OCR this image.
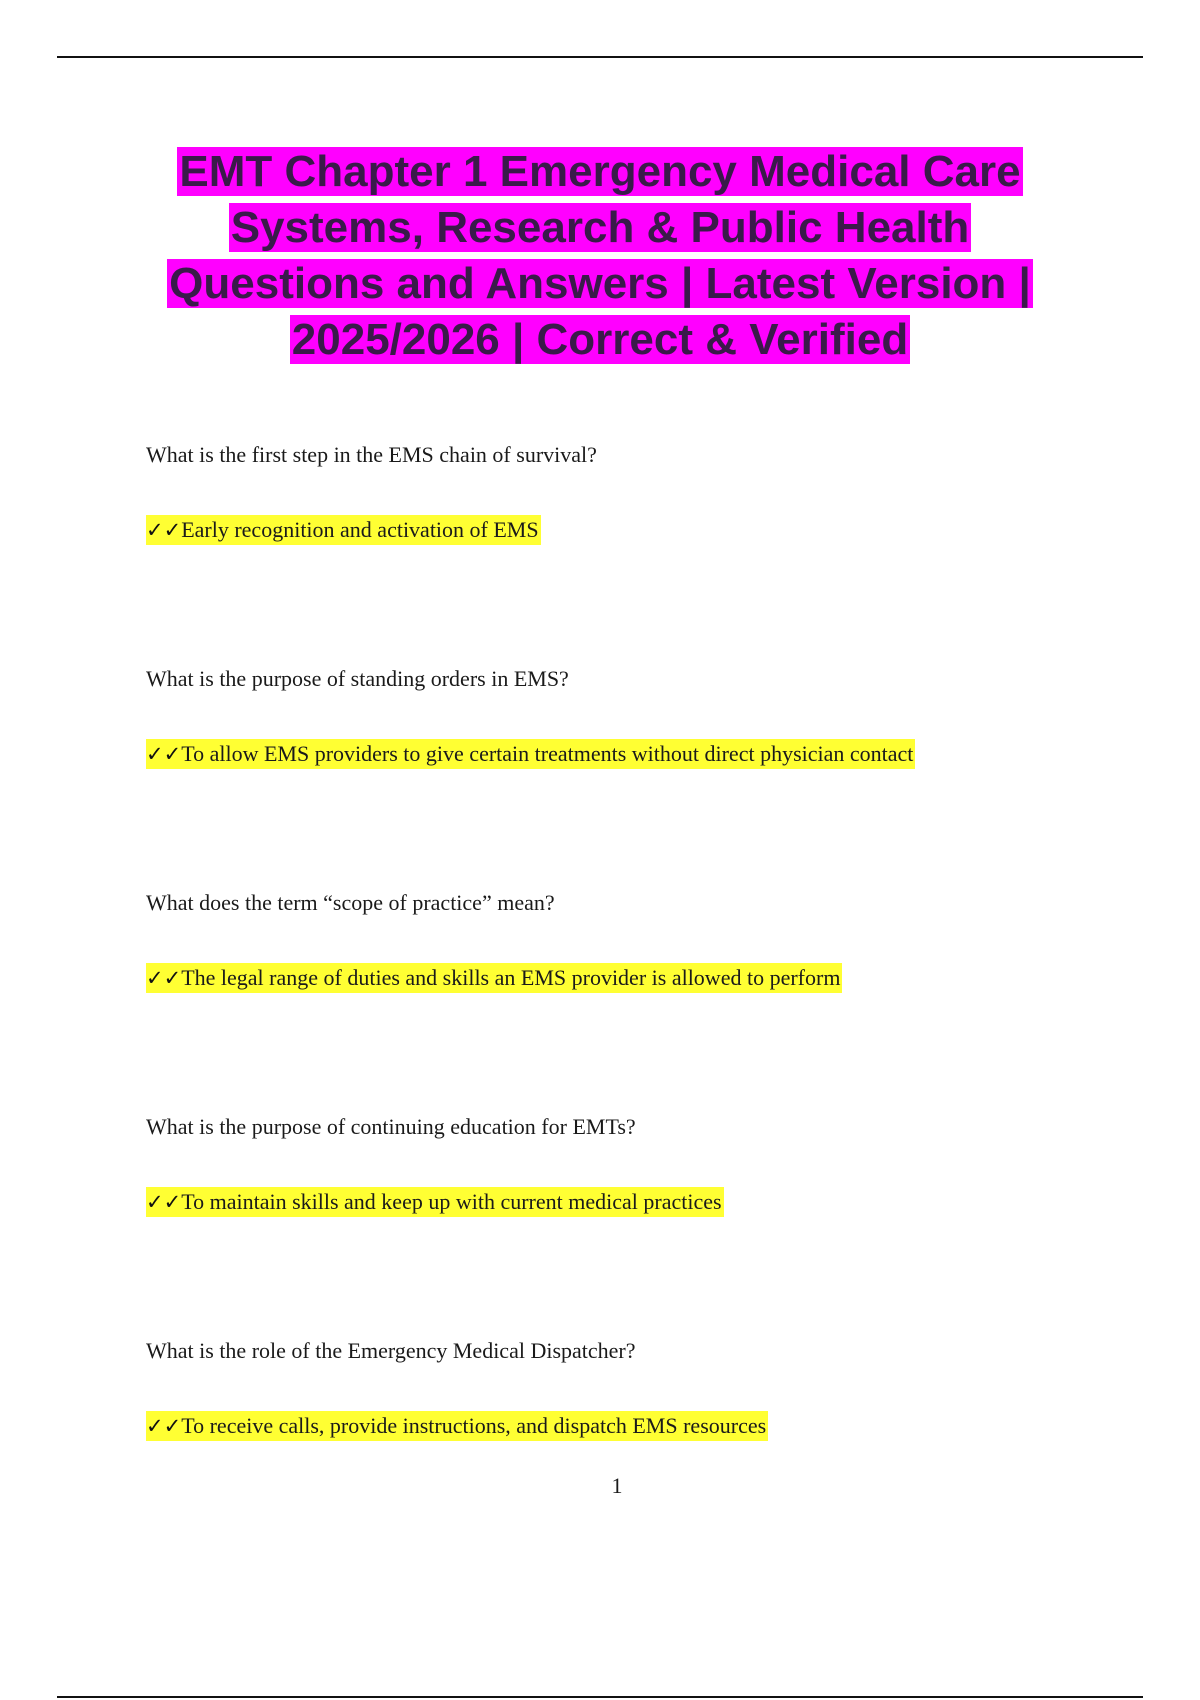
EMT Chapter 1 Emergency Medical Care Systems, Research & Public Health Questions and Answers | Latest Version | 2025/2026 | Correct & Verified
What is the first step in the EMS chain of survival?
✓✓Early recognition and activation of EMS
What is the purpose of standing orders in EMS?
✓✓To allow EMS providers to give certain treatments without direct physician contact
What does the term “scope of practice” mean?
✓✓The legal range of duties and skills an EMS provider is allowed to perform
What is the purpose of continuing education for EMTs?
✓✓To maintain skills and keep up with current medical practices
What is the role of the Emergency Medical Dispatcher?
✓✓To receive calls, provide instructions, and dispatch EMS resources
1
